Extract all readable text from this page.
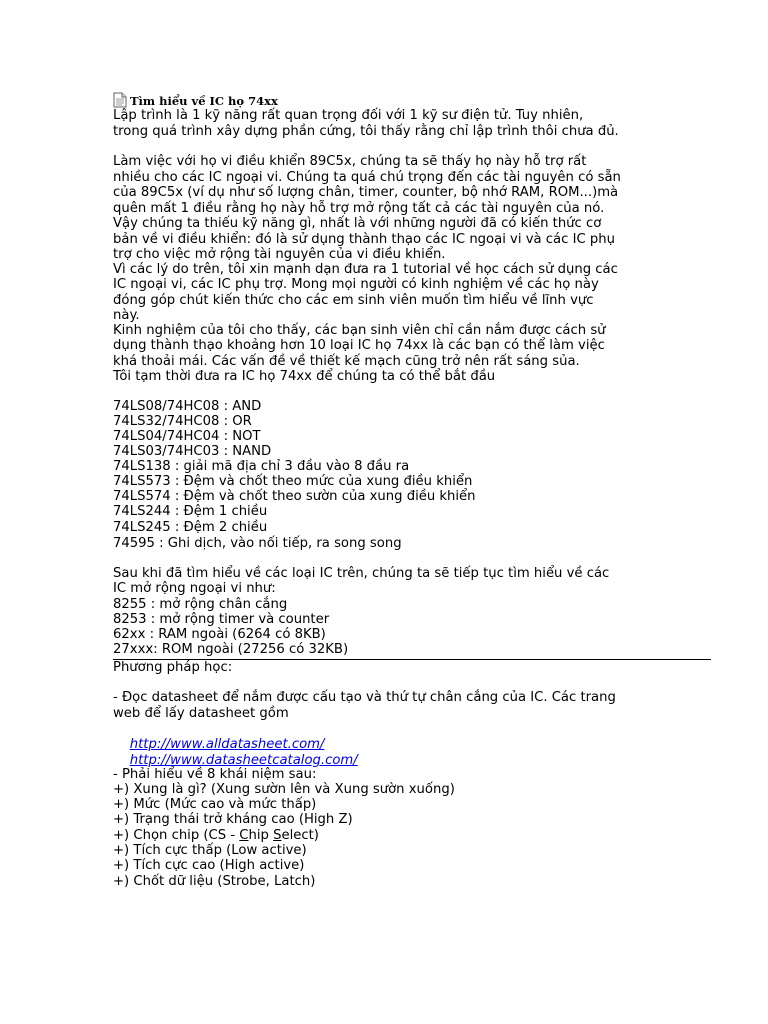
Tìm hiểu về IC họ 74xx
Lập trình là 1 kỹ năng rất quan trọng đối với 1 kỹ sư điện tử. Tuy nhiên,
trong quá trình xây dựng phần cứng, tôi thấy rằng chỉ lập trình thôi chưa đủ.
Làm việc với họ vi điều khiển 89C5x, chúng ta sẽ thấy họ này hỗ trợ rất
nhiều cho các IC ngoại vi. Chúng ta quá chú trọng đến các tài nguyên có sẵn
của 89C5x (ví dụ như số lượng chân, timer, counter, bộ nhớ RAM, ROM...)mà
quên mất 1 điều rằng họ này hỗ trợ mở rộng tất cả các tài nguyên của nó.
Vậy chúng ta thiếu kỹ năng gì, nhất là với những người đã có kiến thức cơ
bản về vi điều khiển: đó là sử dụng thành thạo các IC ngoại vi và các IC phụ
trợ cho việc mở rộng tài nguyên của vi điều khiển.
Vì các lý do trên, tôi xin mạnh dạn đưa ra 1 tutorial về học cách sử dụng các
IC ngoại vi, các IC phụ trợ. Mong mọi người có kinh nghiệm về các họ này
đóng góp chút kiến thức cho các em sinh viên muốn tìm hiểu về lĩnh vực
này.
Kinh nghiệm của tôi cho thấy, các bạn sinh viên chỉ cần nắm được cách sử
dụng thành thạo khoảng hơn 10 loại IC họ 74xx là các bạn có thể làm việc
khá thoải mái. Các vấn đề về thiết kế mạch cũng trở nên rất sáng sủa.
Tôi tạm thời đưa ra IC họ 74xx để chúng ta có thể bắt đầu
74LS08/74HC08 : AND
74LS32/74HC08 : OR
74LS04/74HC04 : NOT
74LS03/74HC03 : NAND
74LS138 : giải mã địa chỉ 3 đầu vào 8 đầu ra
74LS573 : Đệm và chốt theo mức của xung điều khiển
74LS574 : Đệm và chốt theo sườn của xung điều khiển
74LS244 : Đệm 1 chiều
74LS245 : Đệm 2 chiều
74595 : Ghi dịch, vào nối tiếp, ra song song
Sau khi đã tìm hiểu về các loại IC trên, chúng ta sẽ tiếp tục tìm hiểu về các
IC mở rộng ngoại vi như:
8255 : mở rộng chân cắng
8253 : mở rộng timer và counter
62xx : RAM ngoài (6264 có 8KB)
27xxx: ROM ngoài (27256 có 32KB)
Phương pháp học:
- Đọc datasheet để nắm được cấu tạo và thứ tự chân cắng của IC. Các trang
web để lấy datasheet gồm

http://www.alldatasheet.com/

http://www.datasheetcatalog.com/

- Phải hiểu về 8 khái niệm sau:
+) Xung là gì? (Xung sườn lên và Xung sườn xuống)
+) Mức (Mức cao và mức thấp)
+) Trạng thái trở kháng cao (High Z)
+) Chọn chip (CS - Chip Select)
+) Tích cực thấp (Low active)
+) Tích cực cao (High active)
+) Chốt dữ liệu (Strobe, Latch)
